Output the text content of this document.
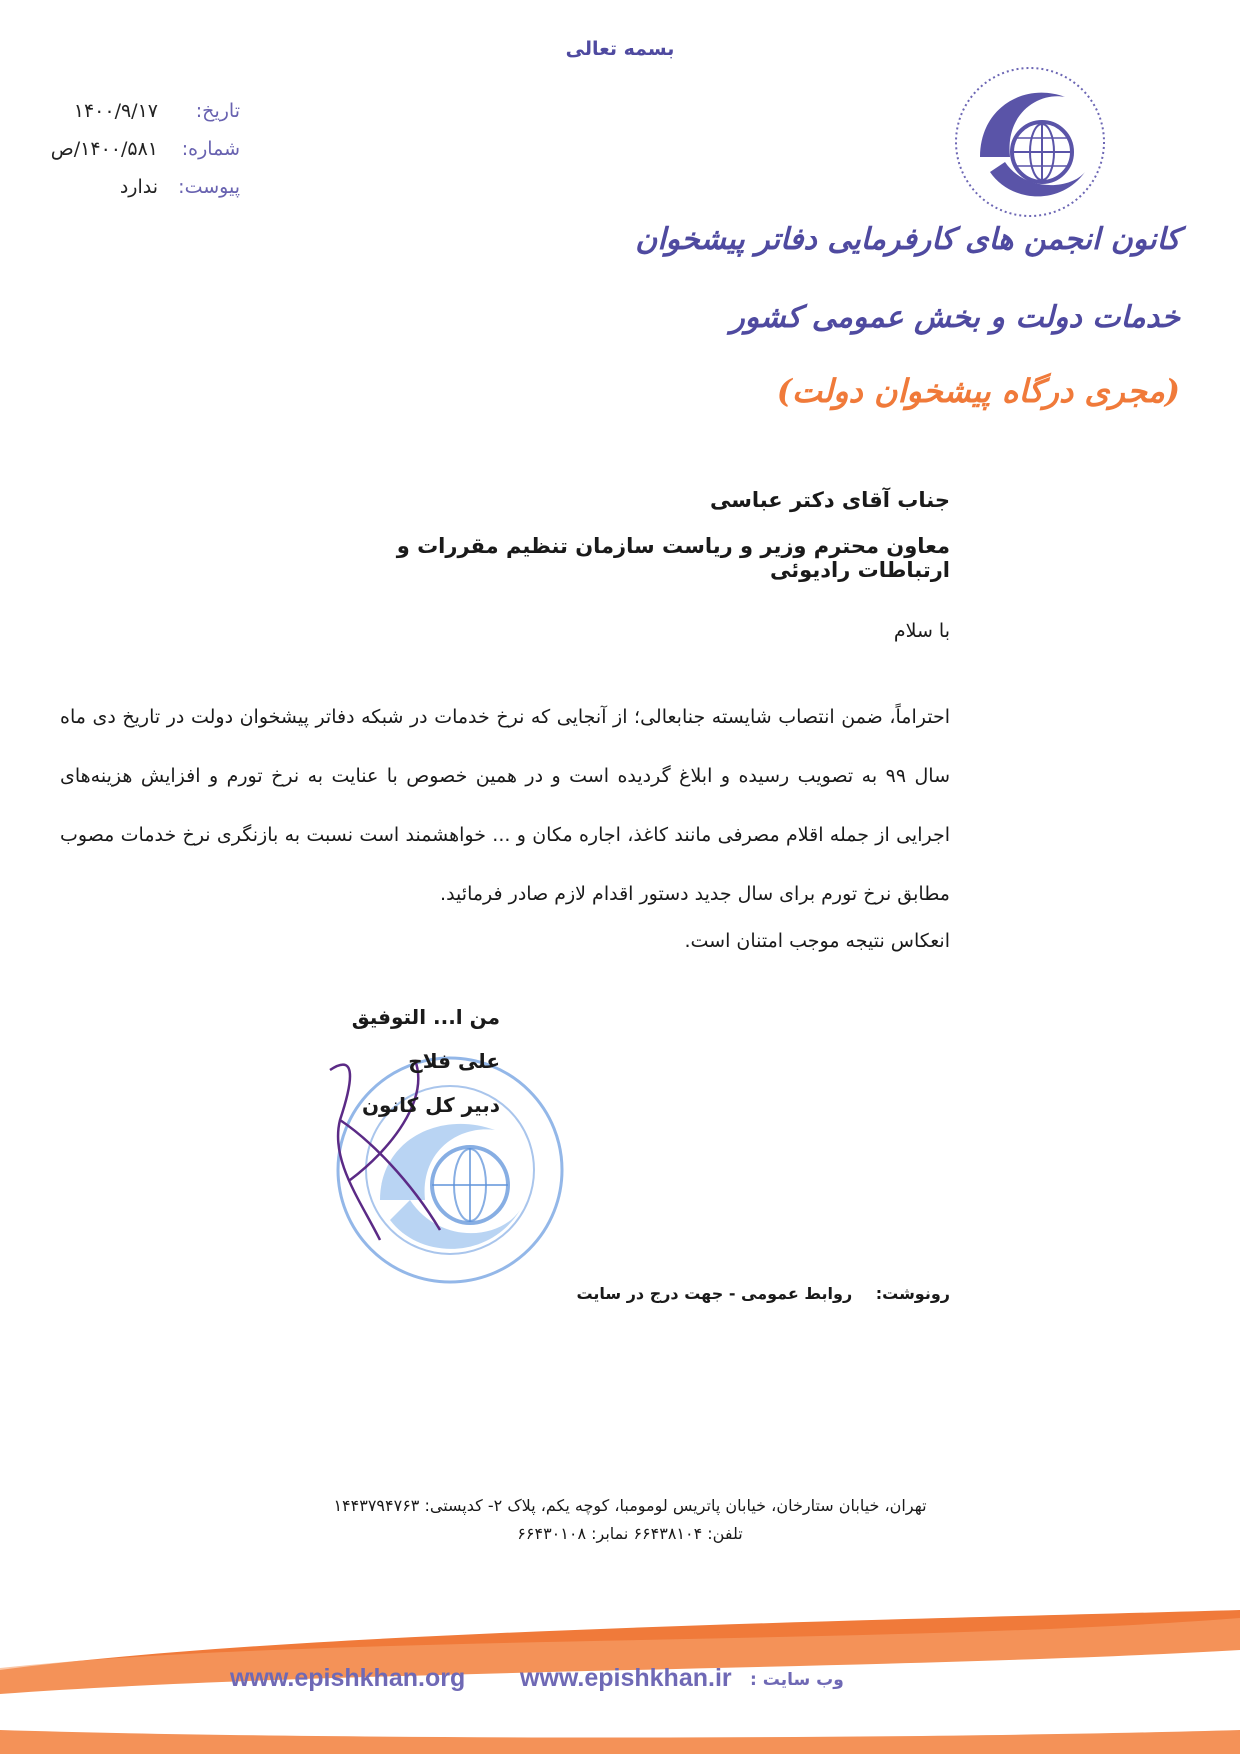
بسمه تعالی
تاریخ:
۱۴۰۰/۹/۱۷
شماره:
۱۴۰۰/۵۸۱/ص
پیوست:
ندارد
کانون انجمن های کارفرمایی دفاتر پیشخوان
خدمات دولت و بخش عمومی کشور
(مجری درگاه پیشخوان دولت)
جناب آقای دکتر عباسی
معاون محترم وزیر و ریاست سازمان تنظیم مقررات و ارتباطات رادیوئی
با سلام
احتراماً، ضمن انتصاب شایسته جنابعالی؛ از آنجایی که نرخ خدمات در شبکه دفاتر پیشخوان دولت در تاریخ دی ماه سال ۹۹ به تصویب رسیده و ابلاغ گردیده است و در همین خصوص با عنایت به نرخ تورم و افزایش هزینه‌های اجرایی از جمله اقلام مصرفی مانند کاغذ، اجاره مکان و ... خواهشمند است نسبت به بازنگری نرخ خدمات مصوب مطابق نرخ تورم برای سال جدید دستور اقدام لازم صادر فرمائید.
انعکاس نتیجه موجب امتنان است.
من ا... التوفیق
علی فلاح
دبیر کل کانون
رونوشت: روابط عمومی - جهت درج در سایت
تهران، خیابان ستارخان، خیابان پاتریس لومومبا، کوچه یکم، پلاک ۲- کدپستی: ۱۴۴۳۷۹۴۷۶۳
تلفن: ۶۶۴۳۸۱۰۴ نمابر: ۶۶۴۳۰۱۰۸
www.epishkhan.org www.epishkhan.ir وب سایت :
